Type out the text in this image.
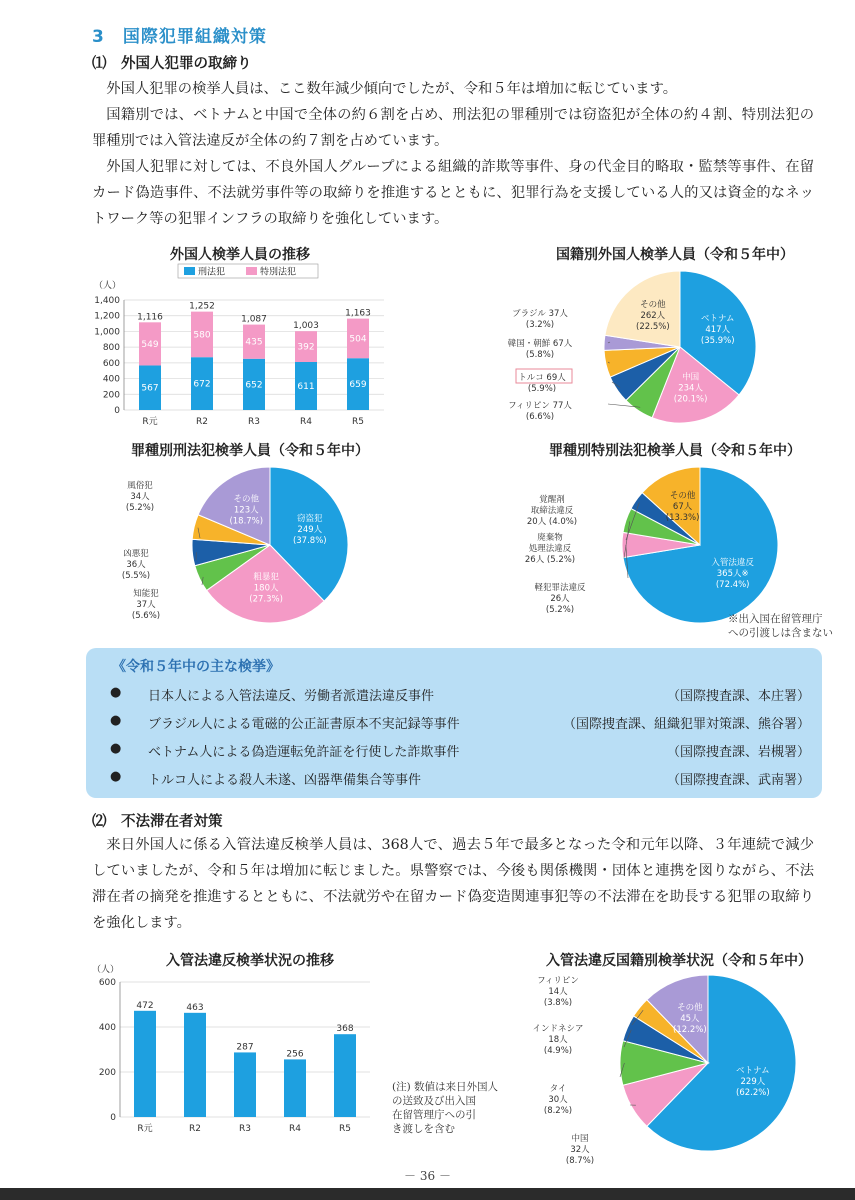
3　国際犯罪組織対策
⑴　外国人犯罪の取締り

外国人犯罪の検挙人員は、ここ数年減少傾向でしたが、令和５年は増加に転じています。

国籍別では、ベトナムと中国で全体の約６割を占め、刑法犯の罪種別では窃盗犯が全体の約４割、特別法犯の罪種別では入管法違反が全体の約７割を占めています。

外国人犯罪に対しては、不良外国人グループによる組織的詐欺等事件、身の代金目的略取・監禁等事件、在留カード偽造事件、不法就労事件等の取締りを推進するとともに、犯罪行為を支援している人的又は資金的なネットワーク等の犯罪インフラの取締りを強化しています。

外国人検挙人員の推移
（人）
0
200
400
600
800
1,000
1,200
1,400
刑法犯	特別法犯
567
549
1,116
R元
672
580
1,252
R2
652
435
1,087
R3
611
392
1,003
R4
659
504
1,163
R5
国籍別外国人検挙人員（令和５年中）
ベトナム
417人
(35.9%)
中国
234人
(20.1%)
フィリピン 77人
(6.6%)
トルコ 69人
(5.9%)
韓国・朝鮮 67人
(5.8%)
ブラジル 37人
(3.2%)
その他
262人
(22.5%)
罪種別刑法犯検挙人員（令和５年中）
窃盗犯
249人
(37.8%)
粗暴犯
180人
(27.3%)
知能犯
37人
(5.6%)
凶悪犯
36人
(5.5%)
風俗犯
34人
(5.2%)
その他
123人
(18.7%)
罪種別特別法犯検挙人員（令和５年中）
入管法違反
365人※
(72.4%)
軽犯罪法違反
26人
(5.2%)
廃棄物
処理法違反
26人 (5.2%)
覚醒剤
取締法違反
20人 (4.0%)
その他
67人
(13.3%)
※出入国在留管理庁
への引渡しは含まない
《令和５年中の主な検挙》
● 日本人による入管法違反、労働者派遣法違反事件	（国際捜査課、本庄署）
● ブラジル人による電磁的公正証書原本不実記録等事件	（国際捜査課、組織犯罪対策課、熊谷署）
● ベトナム人による偽造運転免許証を行使した詐欺事件	（国際捜査課、岩槻署）
● トルコ人による殺人未遂、凶器準備集合等事件	（国際捜査課、武南署）
⑵　不法滞在者対策

来日外国人に係る入管法違反検挙人員は、368人で、過去５年で最多となった令和元年以降、３年連続で減少していましたが、令和５年は増加に転じました。県警察では、今後も関係機関・団体と連携を図りながら、不法滞在者の摘発を推進するとともに、不法就労や在留カード偽変造関連事犯等の不法滞在を助長する犯罪の取締りを強化します。

入管法違反検挙状況の推移
（人）
0
200
400
600
472
R元
463
R2
287
R3
256
R4
368
R5
(注) 数値は来日外国人
の送致及び出入国
在留管理庁への引
き渡しを含む
入管法違反国籍別検挙状況（令和５年中）
ベトナム
229人
(62.2%)
中国
32人
(8.7%)
タイ
30人
(8.2%)
インドネシア
18人
(4.9%)
フィリピン
14人
(3.8%)
その他
45人
(12.2%)
－ 36 －
